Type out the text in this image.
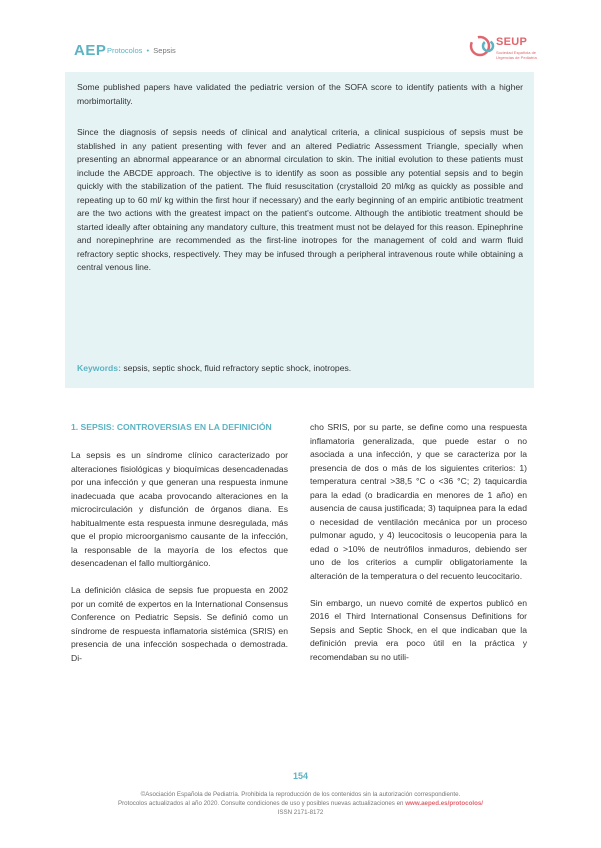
AEP Protocolos • Sepsis
SEUP
Sociedad Española de Urgencias de Pediatría

Some published papers have validated the pediatric version of the SOFA score to identify patients with a higher morbimortality.

Since the diagnosis of sepsis needs of clinical and analytical criteria, a clinical suspicious of sepsis must be stablished in any patient presenting with fever and an altered Pediatric Assessment Triangle, specially when presenting an abnormal appearance or an abnormal circulation to skin. The initial evolution to these patients must include the ABCDE approach. The objective is to identify as soon as possible any potential sepsis and to begin quickly with the stabilization of the patient. The fluid resuscitation (crystalloid 20 ml/kg as quickly as possible and repeating up to 60 ml/ kg within the first hour if necessary) and the early beginning of an empiric antibiotic treatment are the two actions with the greatest impact on the patient's outcome. Although the antibiotic treatment should be started ideally after obtaining any mandatory culture, this treatment must not be delayed for this reason. Epinephrine and norepinephrine are recommended as the first-line inotropes for the management of cold and warm fluid refractory septic shocks, respectively. They may be infused through a peripheral intravenous route while obtaining a central venous line.

Keywords: sepsis, septic shock, fluid refractory septic shock, inotropes.

1. SEPSIS: CONTROVERSIAS EN LA DEFINICIÓN

La sepsis es un síndrome clínico caracterizado por alteraciones fisiológicas y bioquímicas desencadenadas por una infección y que generan una respuesta inmune inadecuada que acaba provocando alteraciones en la microcirculación y disfunción de órganos diana. Es habitualmente esta respuesta inmune desregulada, más que el propio microorganismo causante de la infección, la responsable de la mayoría de los efectos que desencadenan el fallo multiorgánico.

La definición clásica de sepsis fue propuesta en 2002 por un comité de expertos en la International Consensus Conference on Pediatric Sepsis. Se definió como un síndrome de respuesta inflamatoria sistémica (SRIS) en presencia de una infección sospechada o demostrada. Di-

cho SRIS, por su parte, se define como una respuesta inflamatoria generalizada, que puede estar o no asociada a una infección, y que se caracteriza por la presencia de dos o más de los siguientes criterios: 1) temperatura central >38,5 °C o <36 °C; 2) taquicardia para la edad (o bradicardia en menores de 1 año) en ausencia de causa justificada; 3) taquipnea para la edad o necesidad de ventilación mecánica por un proceso pulmonar agudo, y 4) leucocitosis o leucopenia para la edad o >10% de neutrófilos inmaduros, debiendo ser uno de los criterios a cumplir obligatoriamente la alteración de la temperatura o del recuento leucocitario.

Sin embargo, un nuevo comité de expertos publicó en 2016 el Third International Consensus Definitions for Sepsis and Septic Shock, en el que indicaban que la definición previa era poco útil en la práctica y recomendaban su no utili-

154
©Asociación Española de Pediatría. Prohibida la reproducción de los contenidos sin la autorización correspondiente.
Protocolos actualizados al año 2020. Consulte condiciones de uso y posibles nuevas actualizaciones en www.aeped.es/protocolos/
ISSN 2171-8172
